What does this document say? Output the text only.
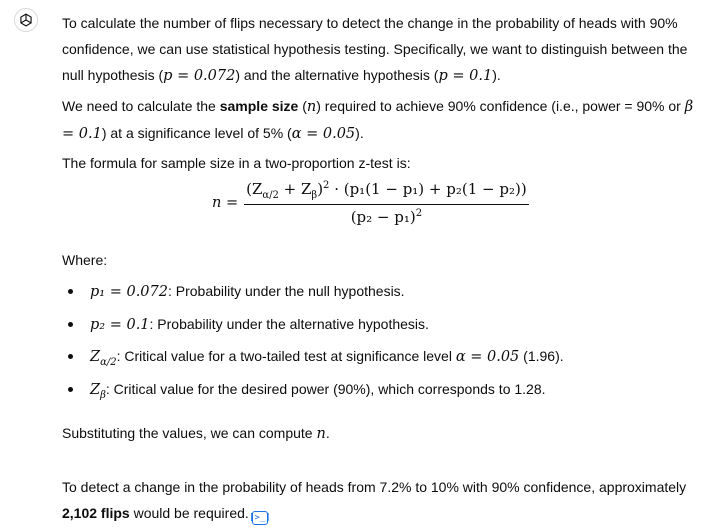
To calculate the number of flips necessary to detect the change in the probability of heads with 90% confidence, we can use statistical hypothesis testing. Specifically, we want to distinguish between the null hypothesis (p = 0.072) and the alternative hypothesis (p = 0.1).

We need to calculate the sample size (n) required to achieve 90% confidence (i.e., power = 90% or β = 0.1) at a significance level of 5% (α = 0.05).

The formula for sample size in a two-proportion z-test is:

$n = \frac{(Z_{\alpha/2} + Z_\beta)^2 \cdot (p_1(1 - p_1) + p_2(1 - p_2))}{(p_2 - p_1)^2}$

Where:

p₁ = 0.072: Probability under the null hypothesis.
p₂ = 0.1: Probability under the alternative hypothesis.
$Z_{\alpha/2}$: Critical value for a two-tailed test at significance level α = 0.05 (1.96).
$Z_\beta$: Critical value for the desired power (90%), which corresponds to 1.28.

Substituting the values, we can compute n.

To detect a change in the probability of heads from 7.2% to 10% with 90% confidence, approximately 2,102 flips would be required.[>_]
